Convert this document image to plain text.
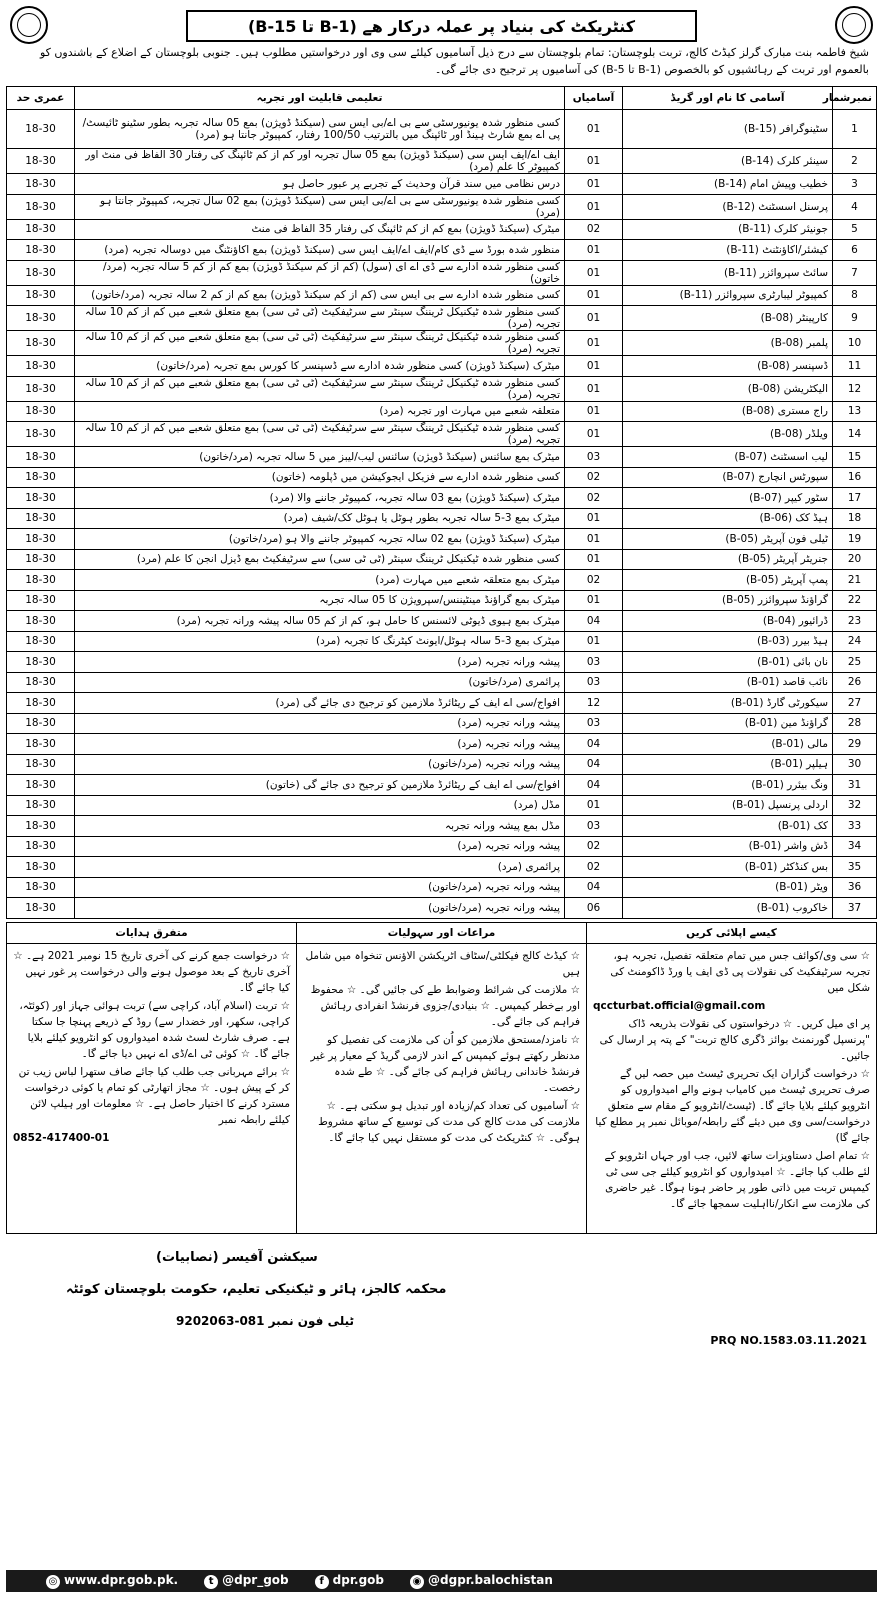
کنٹریکٹ کی بنیاد پر عملہ درکار ھے (B-1 تا B-15)
شیخ فاطمہ بنت مبارک گرلز کیڈٹ کالج، تربت بلوچستان: تمام بلوچستان سے درج ذیل آسامیوں کیلئے سی وی اور درخواستیں مطلوب ہیں۔ جنوبی بلوچستان کے اضلاع کے باشندوں کو بالعموم اور تربت کے رہائشیوں کو بالخصوص (B-1 تا B-5) کی آسامیوں پر ترجیح دی جائے گی۔
نمبرشمار	آسامی کا نام اور گریڈ	آسامیاں	تعلیمی قابلیت اور تجربہ	عمری حد
1	سٹینوگرافر (B-15)	01	کسی منظور شدہ یونیورسٹی سے بی اے/بی ایس سی (سیکنڈ ڈویژن) بمع 05 سالہ تجربہ بطور سٹینو ٹائیسٹ/پی اے بمع شارٹ ہینڈ اور ٹائپنگ میں بالترتیب 100/50 رفتار، کمپیوٹر جانتا ہو (مرد)	18-30
2	سینئر کلرک (B-14)	01	ایف اے/ایف ایس سی (سیکنڈ ڈویژن) بمع 05 سال تجربہ اور کم از کم ٹائپنگ کی رفتار 30 الفاظ فی منٹ اور کمپیوٹر کا علم (مرد)	18-30
3	خطیب وپیش امام (B-14)	01	درس نظامی میں سند قرآن وحدیث کے تجربے پر عبور حاصل ہو	18-30
4	پرسنل اسسٹنٹ (B-12)	01	کسی منظور شدہ یونیورسٹی سے بی اے/بی ایس سی (سیکنڈ ڈویژن) بمع 02 سال تجربہ، کمپیوٹر جانتا ہو (مرد)	18-30
5	جونیئر کلرک (B-11)	02	میٹرک (سیکنڈ ڈویژن) بمع کم از کم ٹائپنگ کی رفتار 35 الفاظ فی منٹ	18-30
6	کیشئر/اکاؤنٹنٹ (B-11)	01	منظور شدہ بورڈ سے ڈی کام/ایف اے/ایف ایس سی (سیکنڈ ڈویژن) بمع اکاؤنٹنگ میں دوسالہ تجربہ (مرد)	18-30
7	سائٹ سپروائزر (B-11)	01	کسی منظور شدہ ادارے سے ڈی اے ای (سول) (کم از کم سیکنڈ ڈویژن) بمع کم از کم 5 سالہ تجربہ (مرد/خاتون)	18-30
8	کمپیوٹر لیبارٹری سپروائزر (B-11)	01	کسی منظور شدہ ادارے سے بی ایس سی (کم از کم سیکنڈ ڈویژن) بمع کم از کم 2 سالہ تجربہ (مرد/خاتون)	18-30
9	کارپینٹر (B-08)	01	کسی منظور شدہ ٹیکنیکل ٹریننگ سینٹر سے سرٹیفکیٹ (ٹی ٹی سی) بمع متعلق شعبے میں کم از کم 10 سالہ تجربہ (مرد)	18-30
10	پلمبر (B-08)	01	کسی منظور شدہ ٹیکنیکل ٹریننگ سینٹر سے سرٹیفکیٹ (ٹی ٹی سی) بمع متعلق شعبے میں کم از کم 10 سالہ تجربہ (مرد)	18-30
11	ڈسپنسر (B-08)	01	میٹرک (سیکنڈ ڈویژن) کسی منظور شدہ ادارے سے ڈسپنسر کا کورس بمع تجربہ (مرد/خاتون)	18-30
12	الیکٹریشن (B-08)	01	کسی منظور شدہ ٹیکنیکل ٹریننگ سینٹر سے سرٹیفکیٹ (ٹی ٹی سی) بمع متعلق شعبے میں کم از کم 10 سالہ تجربہ (مرد)	18-30
13	راج مستری (B-08)	01	متعلقہ شعبے میں مہارت اور تجربہ (مرد)	18-30
14	ویلڈر (B-08)	01	کسی منظور شدہ ٹیکنیکل ٹریننگ سینٹر سے سرٹیفکیٹ (ٹی ٹی سی) بمع متعلق شعبے میں کم از کم 10 سالہ تجربہ (مرد)	18-30
15	لیب اسسٹنٹ (B-07)	03	میٹرک بمع سائنس (سیکنڈ ڈویژن) سائنس لیب/لیبز میں 5 سالہ تجربہ (مرد/خاتون)	18-30
16	سپورٹس انچارج (B-07)	02	کسی منظور شدہ ادارے سے فزیکل ایجوکیشن میں ڈپلومہ (خاتون)	18-30
17	سٹور کیپر (B-07)	02	میٹرک (سیکنڈ ڈویژن) بمع 03 سالہ تجربہ، کمپیوٹر جاننے والا (مرد)	18-30
18	ہیڈ کک (B-06)	01	میٹرک بمع 3-5 سالہ تجربہ بطور ہوٹل یا ہوٹل کک/شیف (مرد)	18-30
19	ٹیلی فون آپریٹر (B-05)	01	میٹرک (سیکنڈ ڈویژن) بمع 02 سالہ تجربہ کمپیوٹر جاننے والا ہو (مرد/خاتون)	18-30
20	جنریٹر آپریٹر (B-05)	01	کسی منظور شدہ ٹیکنیکل ٹریننگ سینٹر (ٹی ٹی سی) سے سرٹیفکیٹ بمع ڈیزل انجن کا علم (مرد)	18-30
21	پمپ آپریٹر (B-05)	02	میٹرک بمع متعلقہ شعبے میں مہارت (مرد)	18-30
22	گراؤنڈ سپروائزر (B-05)	01	میٹرک بمع گراؤنڈ مینٹیننس/سپرویژن کا 05 سالہ تجربہ	18-30
23	ڈرائیور (B-04)	04	میٹرک بمع ہیوی ڈیوٹی لائسنس کا حامل ہو، کم از کم 05 سالہ پیشہ ورانہ تجربہ (مرد)	18-30
24	ہیڈ بیرر (B-03)	01	میٹرک بمع 3-5 سالہ ہوٹل/ایونٹ کیٹرنگ کا تجربہ (مرد)	18-30
25	نان بائی (B-01)	03	پیشہ ورانہ تجربہ (مرد)	18-30
26	نائب قاصد (B-01)	03	پرائمری (مرد/خاتون)	18-30
27	سیکورٹی گارڈ (B-01)	12	افواج/سی اے ایف کے ریٹائرڈ ملازمین کو ترجیح دی جائے گی (مرد)	18-30
28	گراؤنڈ مین (B-01)	03	پیشہ ورانہ تجربہ (مرد)	18-30
29	مالی (B-01)	04	پیشہ ورانہ تجربہ (مرد)	18-30
30	ہیلپر (B-01)	04	پیشہ ورانہ تجربہ (مرد/خاتون)	18-30
31	ونگ بیئرر (B-01)	04	افواج/سی اے ایف کے ریٹائرڈ ملازمین کو ترجیح دی جائے گی (خاتون)	18-30
32	اردلی پرنسپل (B-01)	01	مڈل (مرد)	18-30
33	کک (B-01)	03	مڈل بمع پیشہ ورانہ تجربہ	18-30
34	ڈش واشر (B-01)	02	پیشہ ورانہ تجربہ (مرد)	18-30
35	بس کنڈکٹر (B-01)	02	پرائمری (مرد)	18-30
36	ویٹر (B-01)	04	پیشہ ورانہ تجربہ (مرد/خاتون)	18-30
37	خاکروب (B-01)	06	پیشہ ورانہ تجربہ (مرد/خاتون)	18-30
کیسے اپلائی کریں

☆ سی وی/کوائف جس میں تمام متعلقہ تفصیل، تجربہ ہو، تجربہ سرٹیفکیٹ کی نقولات پی ڈی ایف یا ورڈ ڈاکومنٹ کی شکل میں

qccturbat.official@gmail.com

پر ای میل کریں۔ ☆ درخواستوں کی نقولات بذریعہ ڈاک "پرنسپل گورنمنٹ بوائز ڈگری کالج تربت" کے پتہ پر ارسال کی جائیں۔

☆ درخواست گزاران ایک تحریری ٹیسٹ میں حصہ لیں گے صرف تحریری ٹیسٹ میں کامیاب ہونے والے امیدواروں کو انٹرویو کیلئے بلایا جائے گا۔ (ٹیسٹ/انٹرویو کے مقام سے متعلق درخواست/سی وی میں دیئے گئے رابطہ/موبائل نمبر پر مطلع کیا جائے گا)

☆ تمام اصل دستاویزات ساتھ لائیں، جب اور جہاں انٹرویو کے لئے طلب کیا جائے۔ ☆ امیدواروں کو انٹرویو کیلئے جی سی ٹی کیمپس تربت میں ذاتی طور پر حاضر ہونا ہوگا۔ غیر حاضری کی ملازمت سے انکار/نااہلیت سمجھا جائے گا۔

مراعات اور سہولیات

☆ کیڈٹ کالج فیکلٹی/سٹاف اٹریکشن الاؤنس تنخواہ میں شامل ہیں

☆ ملازمت کی شرائط وضوابط طے کی جائیں گی۔ ☆ محفوظ اور بےخطر کیمپس۔ ☆ بنیادی/جزوی فرنشڈ انفرادی رہائش فراہم کی جائے گی۔

☆ نامزد/مستحق ملازمین کو اُن کی ملازمت کی تفصیل کو مدنظر رکھتے ہوئے کیمپس کے اندر لازمی گریڈ کے معیار پر غیر فرنشڈ خاندانی رہائش فراہم کی جائے گی۔ ☆ طے شدہ رخصت۔

☆ آسامیوں کی تعداد کم/زیادہ اور تبدیل ہو سکتی ہے۔ ☆ ملازمت کی مدت کالج کی مدت کی توسیع کے ساتھ مشروط ہوگی۔ ☆ کنٹریکٹ کی مدت کو مستقل نہیں کیا جائے گا۔

متفرق ہدایات

☆ درخواست جمع کرنے کی آخری تاریخ 15 نومبر 2021 ہے۔ ☆ آخری تاریخ کے بعد موصول ہونے والی درخواست پر غور نہیں کیا جائے گا۔

☆ تربت (اسلام آباد، کراچی سے) تربت ہوائی جہاز اور (کوئٹہ، کراچی، سکھر، اور خضدار سے) روڈ کے ذریعے پہنچا جا سکتا ہے۔ صرف شارٹ لسٹ شدہ امیدواروں کو انٹرویو کیلئے بلایا جائے گا۔ ☆ کوئی ٹی اے/ڈی اے نہیں دیا جائے گا۔

☆ برائے مہربانی جب طلب کیا جائے صاف ستھرا لباس زیب تن کر کے پیش ہوں۔ ☆ مجاز اتھارٹی کو تمام یا کوئی درخواست مسترد کرنے کا اختیار حاصل ہے۔ ☆ معلومات اور ہیلپ لائن کیلئے رابطہ نمبر

0852-417400-01

سیکشن آفیسر (نصابیات)
محکمہ کالجز، ہائر و ٹیکنیکی تعلیم، حکومت بلوچستان کوئٹہ
ٹیلی فون نمبر 081-9202063
PRQ NO.1583.03.11.2021
◎ www.dpr.gob.pk.	t @dpr_gob	f dpr.gob	◉ @dgpr.balochistan
